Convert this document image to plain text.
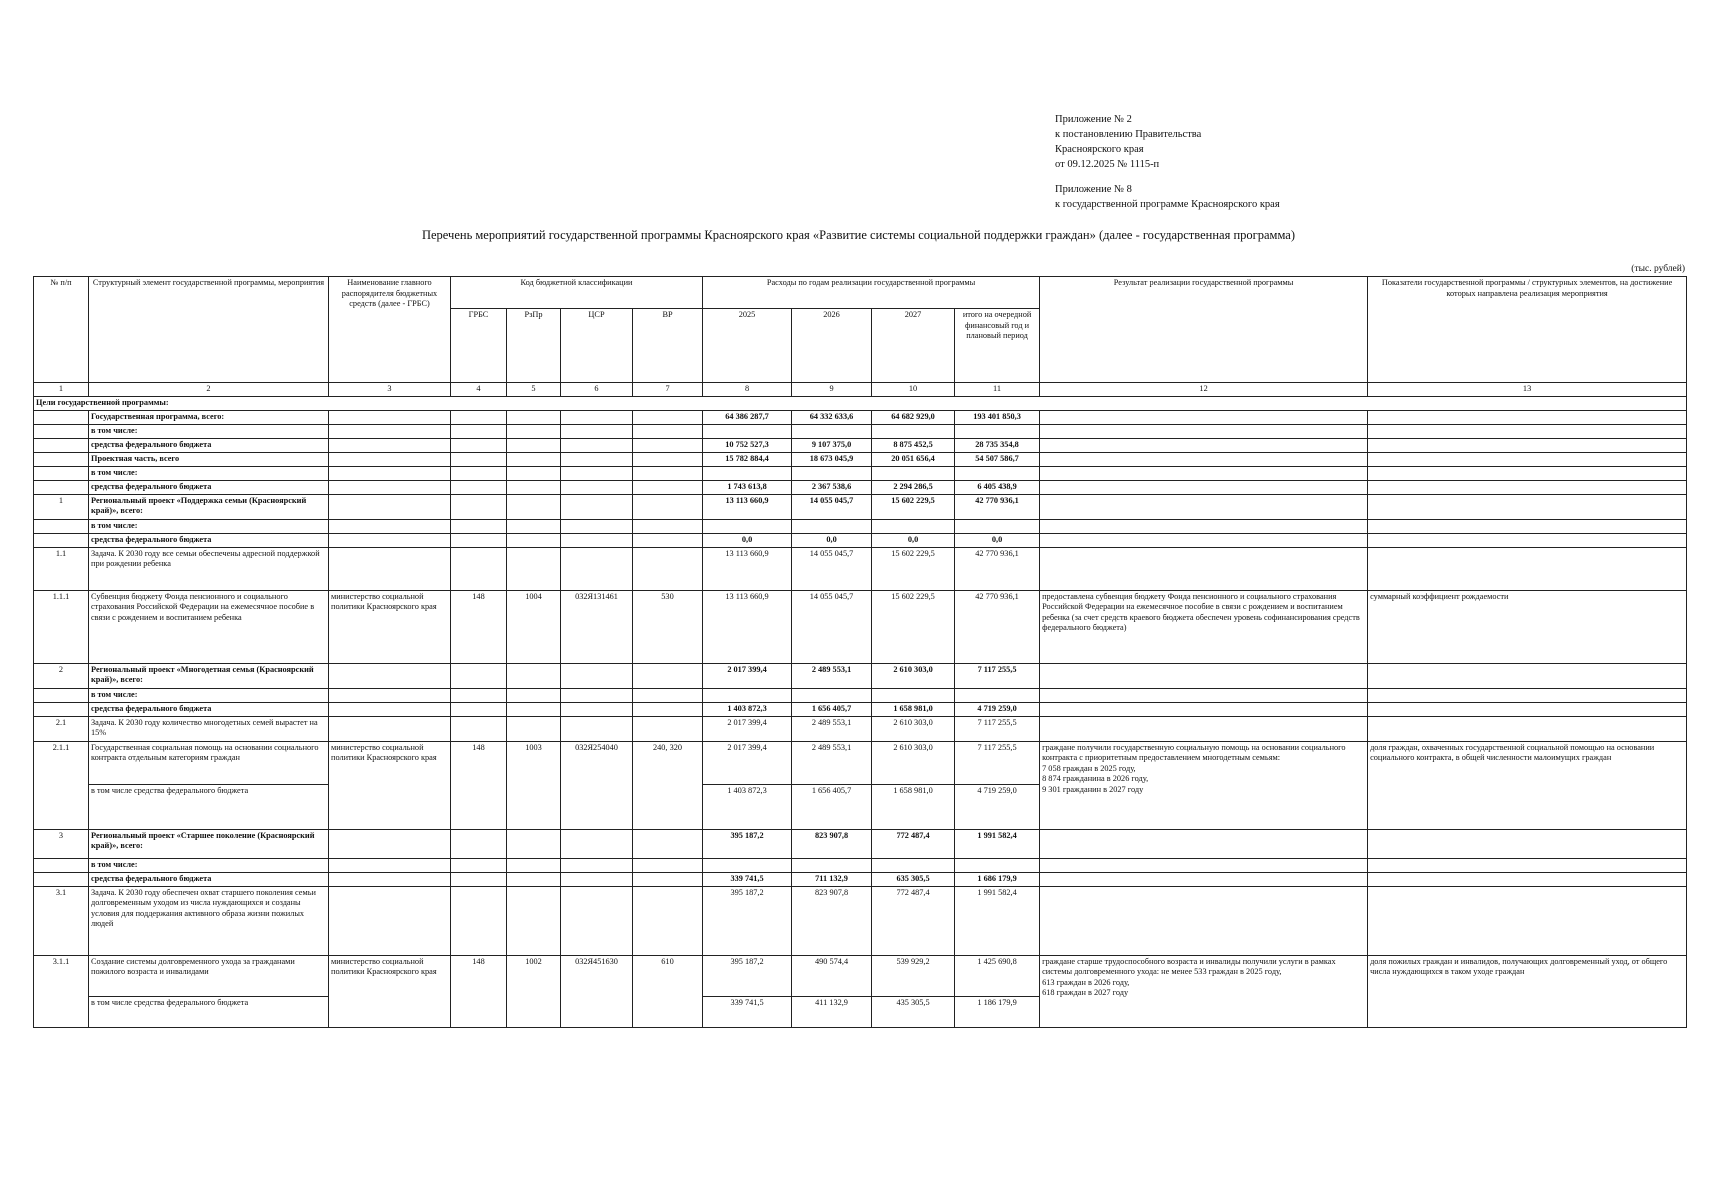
Приложение № 2

к постановлению Правительства

Красноярского края

от 09.12.2025 № 1115-п

Приложение № 8

к государственной программе Красноярского края

Перечень мероприятий государственной программы Красноярского края «Развитие системы социальной поддержки граждан» (далее - государственная программа)
(тыс. рублей)
№ п/п	Структурный элемент государственной программы, мероприятия	Наименование главного распорядителя бюджетных средств (далее - ГРБС)	Код бюджетной классификации				Расходы по годам реализации государственной программы				Результат реализации государственной программы	Показатели государственной программы / структурных элементов, на достижение которых направлена реализация мероприятия
			ГРБС	РзПр	ЦСР	ВР	2025	2026	2027	итого на очередной финансовый год и плановый период		
1	2	3	4	5	6	7	8	9	10	11	12	13
Цели государственной программы:												
	Государственная программа, всего:						64 386 287,7	64 332 633,6	64 682 929,0	193 401 850,3		
	в том числе:											
	средства федерального бюджета						10 752 527,3	9 107 375,0	8 875 452,5	28 735 354,8		
	Проектная часть, всего						15 782 884,4	18 673 045,9	20 051 656,4	54 507 586,7		
	в том числе:											
	средства федерального бюджета						1 743 613,8	2 367 538,6	2 294 286,5	6 405 438,9		
1	Региональный проект «Поддержка семьи (Красноярский край)», всего:						13 113 660,9	14 055 045,7	15 602 229,5	42 770 936,1		
	в том числе:											
	средства федерального бюджета						0,0	0,0	0,0	0,0		
1.1	Задача. К 2030 году все семьи обеспечены адресной поддержкой при рождении ребенка						13 113 660,9	14 055 045,7	15 602 229,5	42 770 936,1		
1.1.1	Субвенция бюджету Фонда пенсионного и социального страхования Российской Федерации на ежемесячное пособие в связи с рождением и воспитанием ребенка	министерство социальной политики Красноярского края	148	1004	032Я131461	530	13 113 660,9	14 055 045,7	15 602 229,5	42 770 936,1	предоставлена субвенция бюджету Фонда пенсионного и социального страхования Российской Федерации на ежемесячное пособие в связи с рождением и воспитанием ребенка (за счет средств краевого бюджета обеспечен уровень софинансирования средств федерального бюджета)	суммарный коэффициент рождаемости
2	Региональный проект «Многодетная семья (Красноярский край)», всего:						2 017 399,4	2 489 553,1	2 610 303,0	7 117 255,5		
	в том числе:											
	средства федерального бюджета						1 403 872,3	1 656 405,7	1 658 981,0	4 719 259,0		
2.1	Задача. К 2030 году количество многодетных семей вырастет на 15%						2 017 399,4	2 489 553,1	2 610 303,0	7 117 255,5		
2.1.1	Государственная социальная помощь на основании социального контракта отдельным категориям граждан	министерство социальной политики Красноярского края	148	1003	032Я254040	240, 320	2 017 399,4	2 489 553,1	2 610 303,0	7 117 255,5	граждане получили государственную социальную помощь на основании социального контракта с приоритетным предоставлением многодетным семьям:
7 058 граждан в 2025 году,
8 874 гражданина в 2026 году,
9 301 гражданин в 2027 году	доля граждан, охваченных государственной социальной помощью на основании социального контракта, в общей численности малоимущих граждан
	в том числе средства федерального бюджета						1 403 872,3	1 656 405,7	1 658 981,0	4 719 259,0		
3	Региональный проект «Старшее поколение (Красноярский край)», всего:						395 187,2	823 907,8	772 487,4	1 991 582,4		
	в том числе:											
	средства федерального бюджета						339 741,5	711 132,9	635 305,5	1 686 179,9		
3.1	Задача. К 2030 году обеспечен охват старшего поколения семьи долговременным уходом из числа нуждающихся и созданы условия для поддержания активного образа жизни пожилых людей						395 187,2	823 907,8	772 487,4	1 991 582,4		
3.1.1	Создание системы долговременного ухода за гражданами пожилого возраста и инвалидами	министерство социальной политики Красноярского края	148	1002	032Я451630	610	395 187,2	490 574,4	539 929,2	1 425 690,8	граждане старше трудоспособного возраста и инвалиды получили услуги в рамках системы долговременного ухода: не менее 533 граждан в 2025 году,
613 граждан в 2026 году,
618 граждан в 2027 году	доля пожилых граждан и инвалидов, получающих долговременный уход, от общего числа нуждающихся в таком уходе граждан
	в том числе средства федерального бюджета						339 741,5	411 132,9	435 305,5	1 186 179,9		
